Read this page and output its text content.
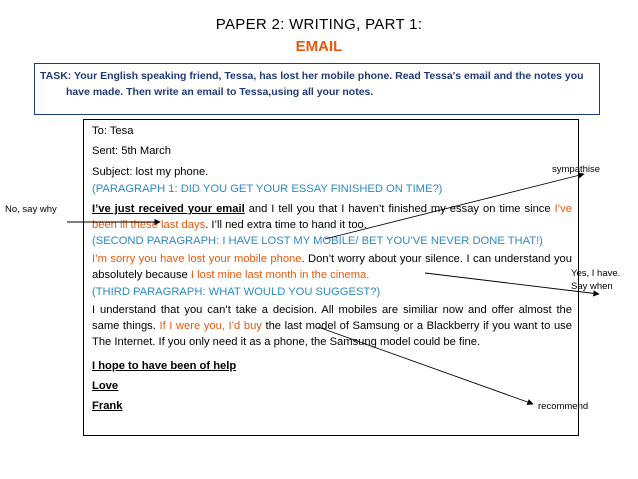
PAPER 2: WRITING, PART 1:
EMAIL
TASK: Your English speaking friend, Tessa, has lost her mobile phone. Read Tessa's email and the notes you have made. Then write an email to Tessa,using all your notes.
To: Tesa
Sent: 5th March
Subject: lost my phone.
(PARAGRAPH 1: DID YOU GET YOUR ESSAY FINISHED ON TIME?)
I’ve just received your email and I tell you that I haven’t finished my essay on time since I’ve been ill these last days. I’ll ned extra time to hand it too.
(SECOND PARAGRAPH: I HAVE LOST MY MOBILE/ BET YOU’VE NEVER DONE THAT!)
I’m sorry you have lost your mobile phone. Don’t worry about your silence. I can understand you absolutely because I lost mine last month in the cinema.
(THIRD PARAGRAPH: WHAT WOULD YOU SUGGEST?)
I understand that you can’t take a decision. All mobiles are similiar now and offer almost the same things. If I were you, I’d buy the last model of Samsung or a Blackberry if you want to use The Internet. If you only need it as a phone, the Samsung model could be fine.
I hope to have been of help
Love
Frank
No, say why
sympathise
Yes, I have.
Say when
recommend
